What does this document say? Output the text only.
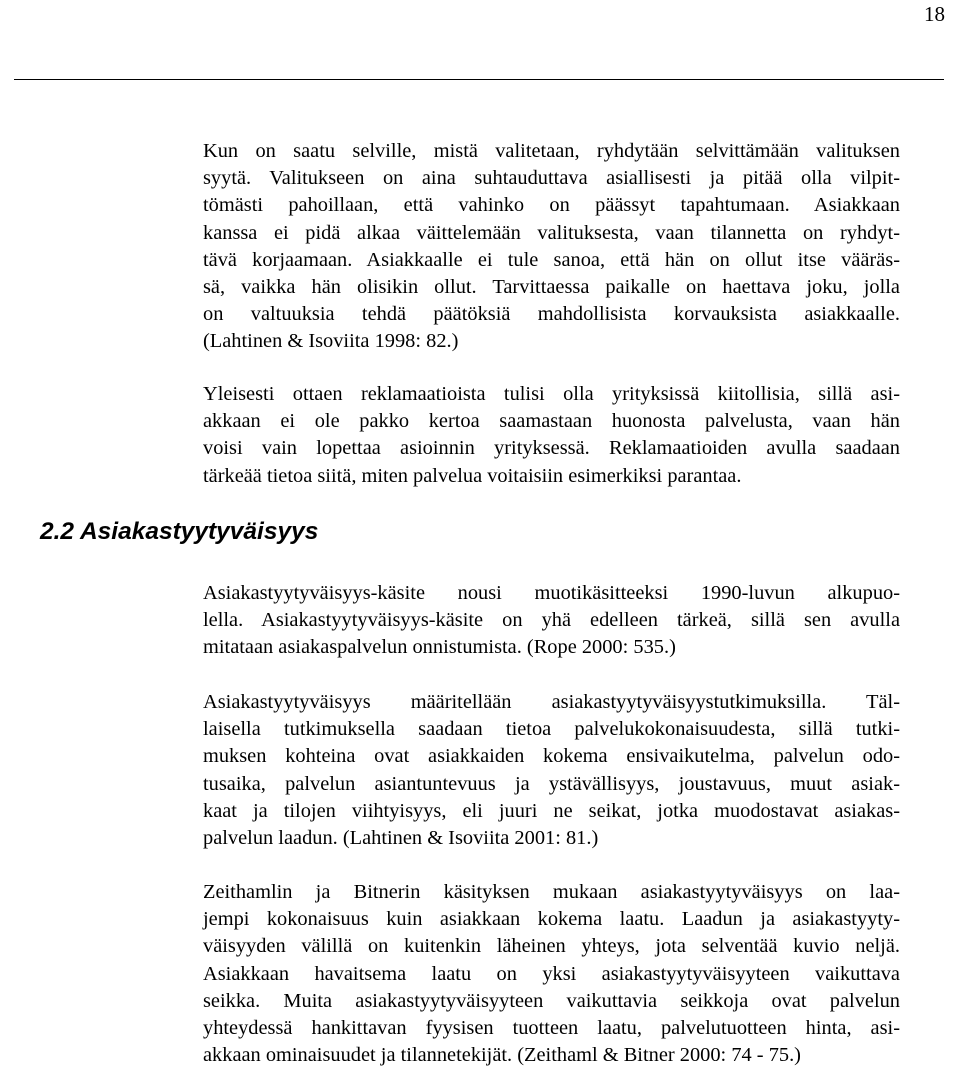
18
Kun on saatu selville, mistä valitetaan, ryhdytään selvittämään valituksen
syytä. Valitukseen on aina suhtauduttava asiallisesti ja pitää olla vilpit-
tömästi pahoillaan, että vahinko on päässyt tapahtumaan. Asiakkaan
kanssa ei pidä alkaa väittelemään valituksesta, vaan tilannetta on ryhdyt-
tävä korjaamaan. Asiakkaalle ei tule sanoa, että hän on ollut itse vääräs-
sä, vaikka hän olisikin ollut. Tarvittaessa paikalle on haettava joku, jolla
on valtuuksia tehdä päätöksiä mahdollisista korvauksista asiakkaalle.
(Lahtinen & Isoviita 1998: 82.)
Yleisesti ottaen reklamaatioista tulisi olla yrityksissä kiitollisia, sillä asi-
akkaan ei ole pakko kertoa saamastaan huonosta palvelusta, vaan hän
voisi vain lopettaa asioinnin yrityksessä. Reklamaatioiden avulla saadaan
tärkeää tietoa siitä, miten palvelua voitaisiin esimerkiksi parantaa.
2.2 Asiakastyytyväisyys
Asiakastyytyväisyys-käsite nousi muotikäsitteeksi 1990-luvun alkupuo-
lella. Asiakastyytyväisyys-käsite on yhä edelleen tärkeä, sillä sen avulla
mitataan asiakaspalvelun onnistumista. (Rope 2000: 535.)
Asiakastyytyväisyys määritellään asiakastyytyväisyystutkimuksilla. Täl-
laisella tutkimuksella saadaan tietoa palvelukokonaisuudesta, sillä tutki-
muksen kohteina ovat asiakkaiden kokema ensivaikutelma, palvelun odo-
tusaika, palvelun asiantuntevuus ja ystävällisyys, joustavuus, muut asiak-
kaat ja tilojen viihtyisyys, eli juuri ne seikat, jotka muodostavat asiakas-
palvelun laadun. (Lahtinen & Isoviita 2001: 81.)
Zeithamlin ja Bitnerin käsityksen mukaan asiakastyytyväisyys on laa-
jempi kokonaisuus kuin asiakkaan kokema laatu. Laadun ja asiakastyyty-
väisyyden välillä on kuitenkin läheinen yhteys, jota selventää kuvio neljä.
Asiakkaan havaitsema laatu on yksi asiakastyytyväisyyteen vaikuttava
seikka. Muita asiakastyytyväisyyteen vaikuttavia seikkoja ovat palvelun
yhteydessä hankittavan fyysisen tuotteen laatu, palvelutuotteen hinta, asi-
akkaan ominaisuudet ja tilannetekijät. (Zeithaml & Bitner 2000: 74 - 75.)
